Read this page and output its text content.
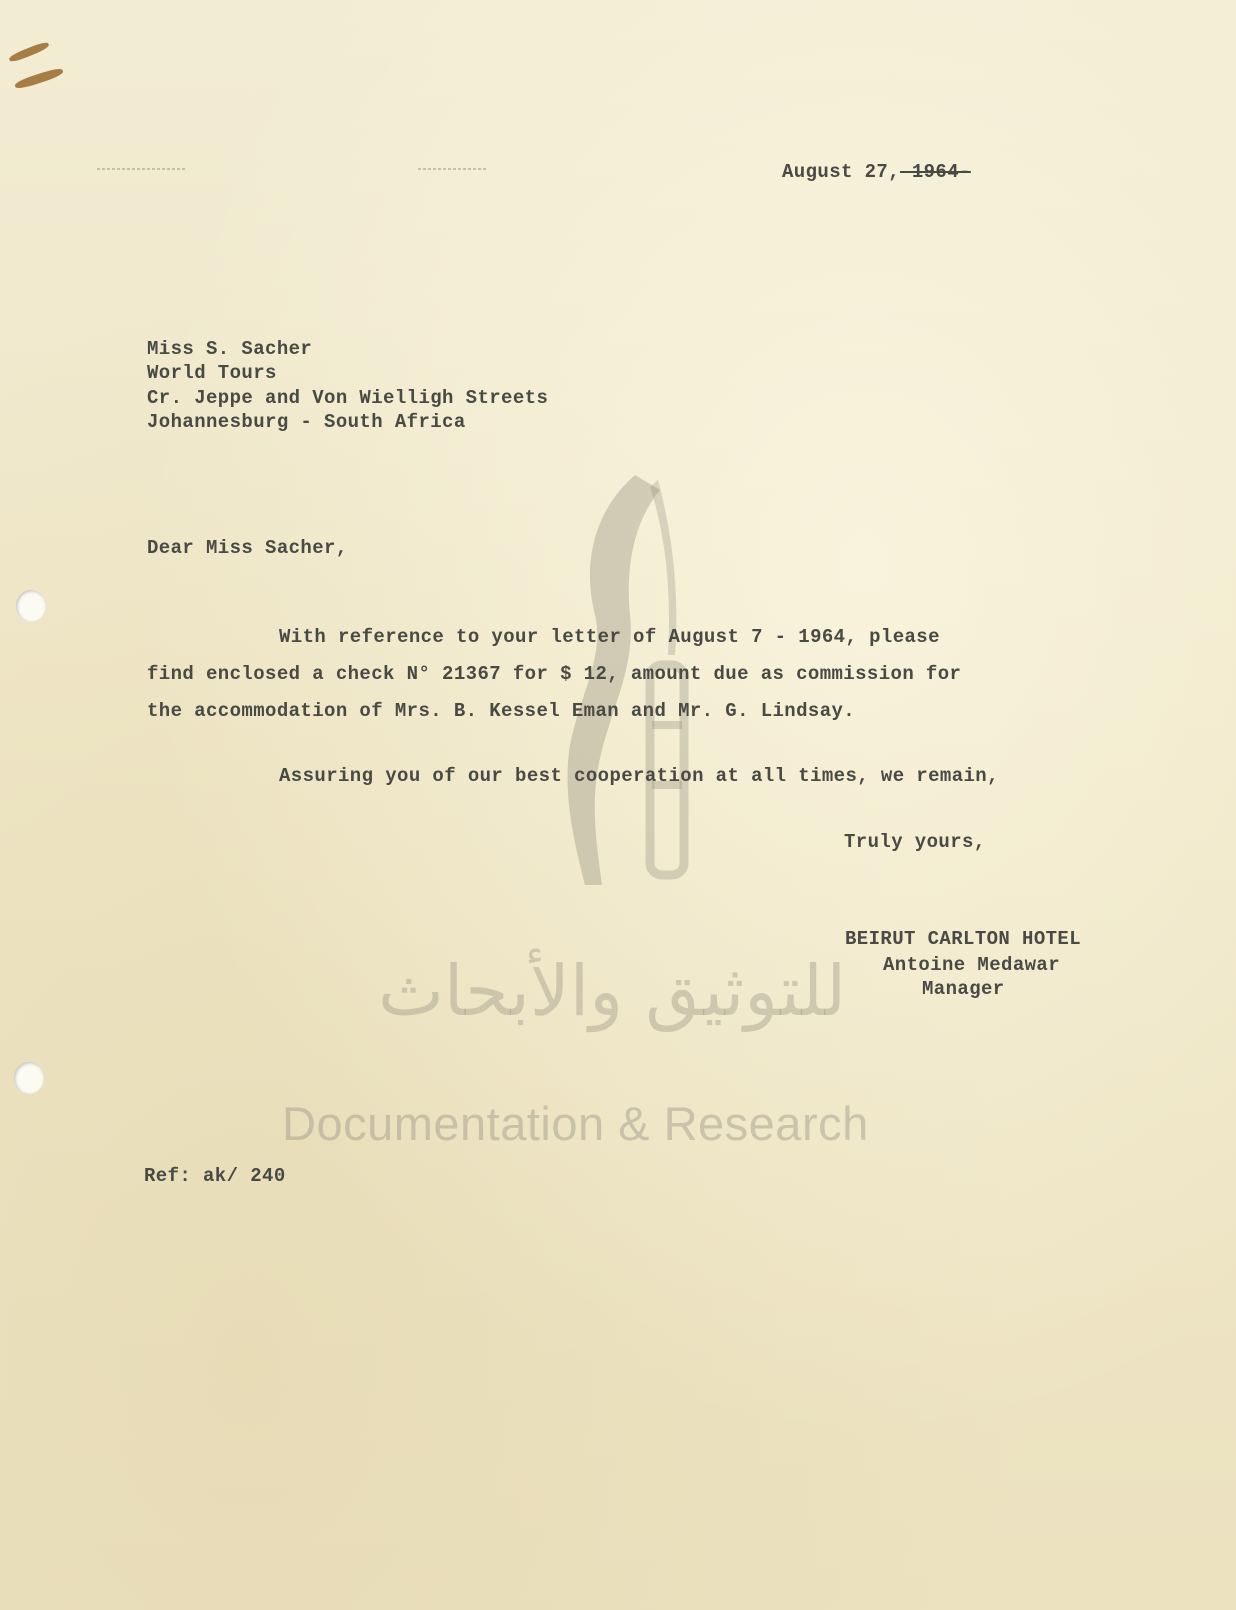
للتوثيق والأبحاث
Documentation & Research
August 27, 1964-
Miss S. Sacher
World Tours
Cr. Jeppe and Von Wielligh Streets
Johannesburg - South Africa
Dear Miss Sacher,
With reference to your letter of August 7 - 1964, please
find enclosed a check N° 21367 for $ 12, amount due as commission for
the accommodation of Mrs. B. Kessel Eman and Mr. G. Lindsay.
Assuring you of our best cooperation at all times, we remain,
Truly yours,
BEIRUT CARLTON HOTEL
Antoine Medawar
Manager
Ref: ak/ 240
